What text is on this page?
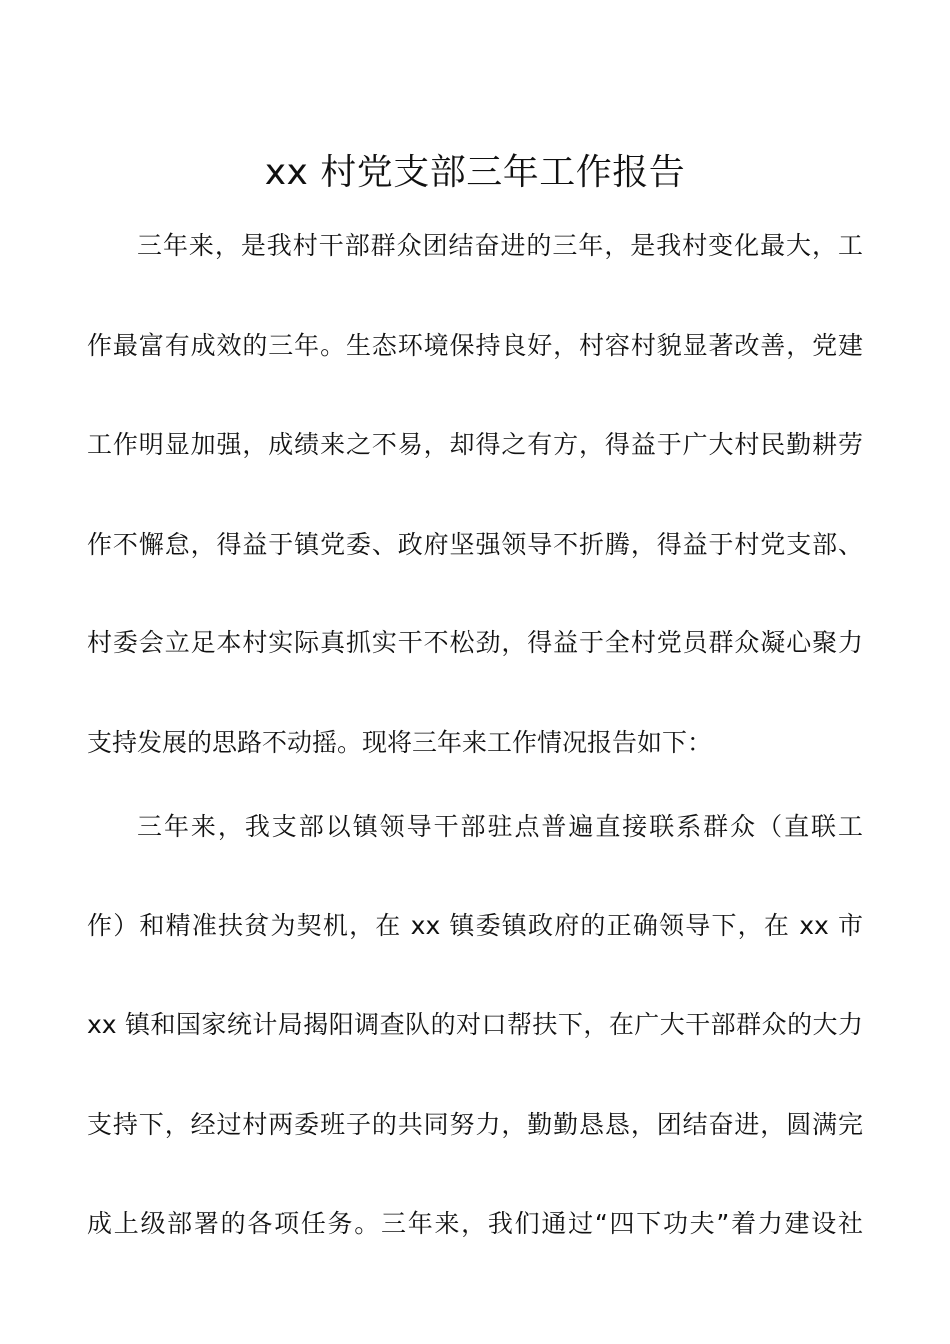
xx 村党支部三年工作报告
三年来，是我村干部群众团结奋进的三年，是我村变化最大，工
作最富有成效的三年。生态环境保持良好，村容村貌显著改善，党建
工作明显加强，成绩来之不易，却得之有方，得益于广大村民勤耕劳
作不懈怠，得益于镇党委、政府坚强领导不折腾，得益于村党支部、
村委会立足本村实际真抓实干不松劲，得益于全村党员群众凝心聚力
支持发展的思路不动摇。现将三年来工作情况报告如下：
三年来，我支部以镇领导干部驻点普遍直接联系群众（直联工
作）和精准扶贫为契机，在 xx 镇委镇政府的正确领导下，在 xx 市
xx 镇和国家统计局揭阳调查队的对口帮扶下，在广大干部群众的大力
支持下，经过村两委班子的共同努力，勤勤恳恳，团结奋进，圆满完
成上级部署的各项任务。三年来，我们通过“四下功夫”着力建设社
